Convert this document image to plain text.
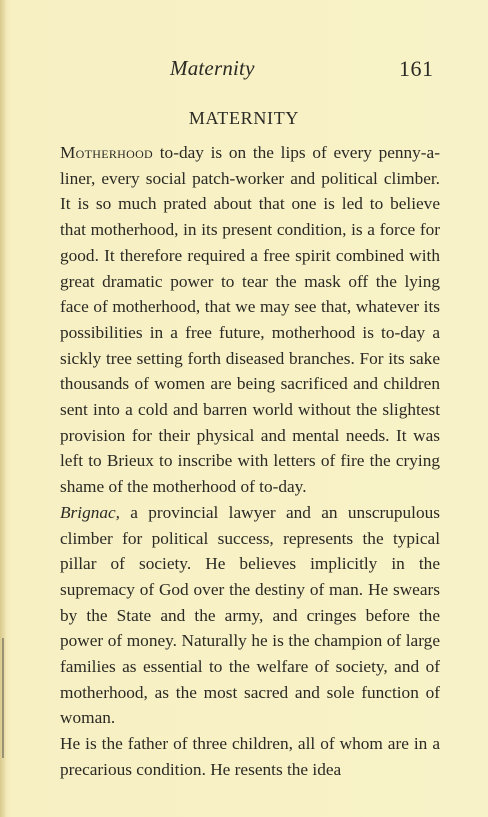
Maternity	161
MATERNITY

Motherhood to-day is on the lips of every penny-a-liner, every social patch-worker and political climber. It is so much prated about that one is led to believe that motherhood, in its present condition, is a force for good. It therefore required a free spirit combined with great dramatic power to tear the mask off the lying face of motherhood, that we may see that, whatever its possibilities in a free future, motherhood is to-day a sickly tree setting forth diseased branches. For its sake thousands of women are being sacrificed and children sent into a cold and barren world without the slightest provision for their physical and mental needs. It was left to Brieux to inscribe with letters of fire the crying shame of the motherhood of to-day.

Brignac, a provincial lawyer and an unscrupulous climber for political success, represents the typical pillar of society. He believes implicitly in the supremacy of God over the destiny of man. He swears by the State and the army, and cringes before the power of money. Naturally he is the champion of large families as essential to the welfare of society, and of motherhood, as the most sacred and sole function of woman.

He is the father of three children, all of whom are in a precarious condition. He resents the idea
